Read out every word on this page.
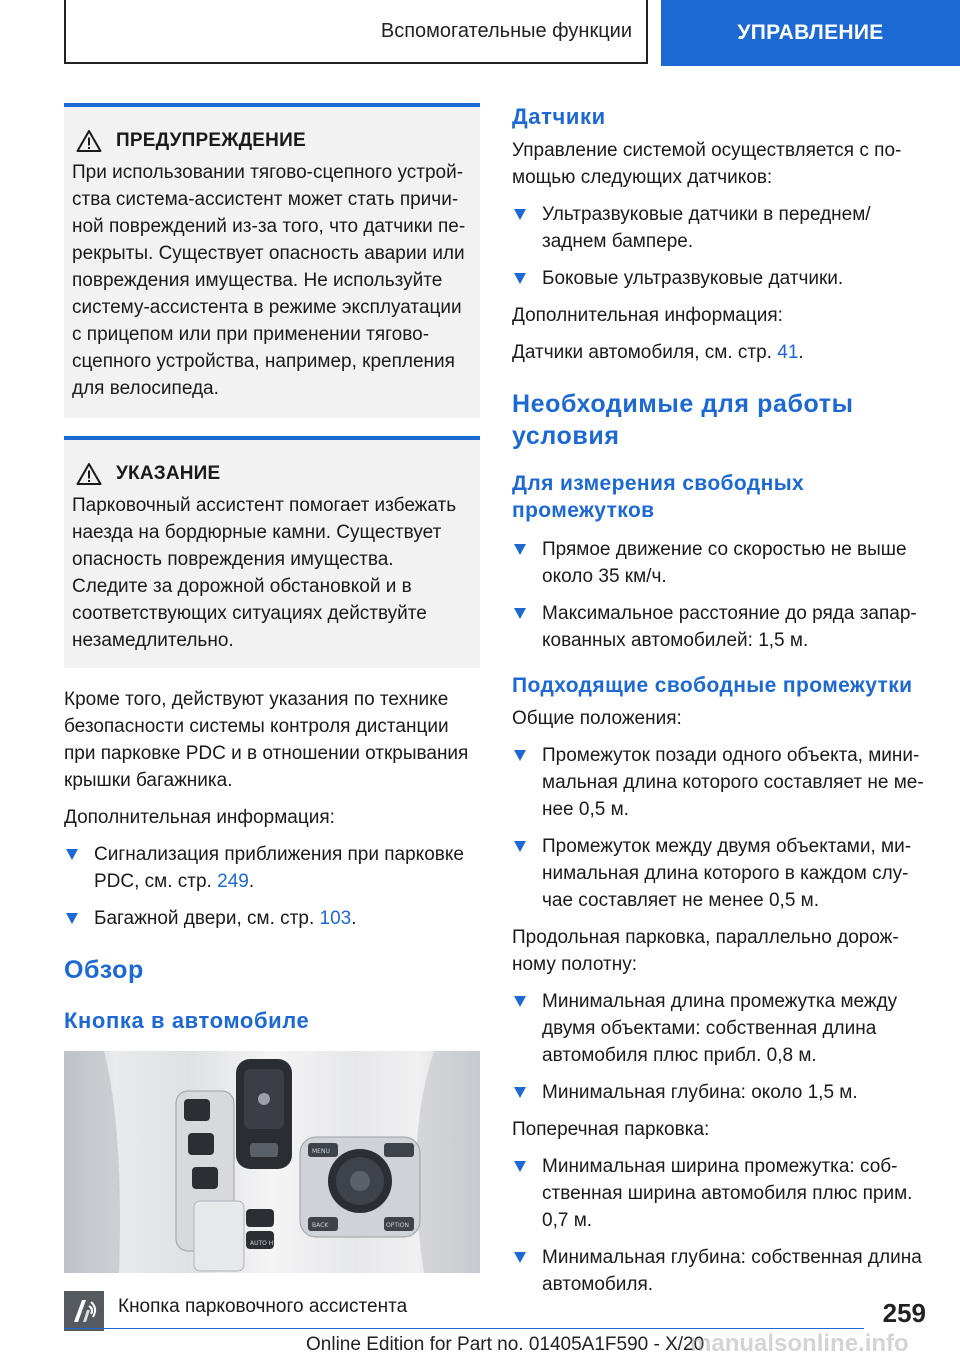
Вспомогательные функции	УПРАВЛЕНИЕ
ПРЕДУПРЕЖДЕНИЕ

При использовании тягово-сцепного устройства система-ассистент может стать причиной повреждений из-за того, что датчики перекрыты. Существует опасность аварии или повреждения имущества. Не используйте систему-ассистента в режиме эксплуатации с прицепом или при применении тягово-сцепного устройства, например, крепления для велосипеда.

УКАЗАНИЕ

Парковочный ассистент помогает избежать наезда на бордюрные камни. Существует опасность повреждения имущества. Следите за дорожной обстановкой и в соответствующих ситуациях действуйте незамедлительно.

Кроме того, действуют указания по технике безопасности системы контроля дистанции при парковке PDC и в отношении открывания крышки багажника.

Дополнительная информация:

Сигнализация приближения при парковке PDC, см. стр. 249.
Багажной двери, см. стр. 103.
Обзор
Кнопка в автомобиле
AUTO H
MENU
BACK	OPTION
Кнопка парковочного ассистента
Датчики

Управление системой осуществляется с помощью следующих датчиков:

Ультразвуковые датчики в переднем/ заднем бампере.
Боковые ультразвуковые датчики.

Дополнительная информация:

Датчики автомобиля, см. стр. 41.

Необходимые для работы условия
Для измерения свободных промежутков
Прямое движение со скоростью не выше около 35 км/ч.
Максимальное расстояние до ряда запаркованных автомобилей: 1,5 м.
Подходящие свободные промежутки

Общие положения:

Промежуток позади одного объекта, минимальная длина которого составляет не менее 0,5 м.
Промежуток между двумя объектами, минимальная длина которого в каждом случае составляет не менее 0,5 м.

Продольная парковка, параллельно дорожному полотну:

Минимальная длина промежутка между двумя объектами: собственная длина автомобиля плюс прибл. 0,8 м.
Минимальная глубина: около 1,5 м.

Поперечная парковка:

Минимальная ширина промежутка: собственная ширина автомобиля плюс прим. 0,7 м.
Минимальная глубина: собственная длина автомобиля.
259
Online Edition for Part no. 01405A1F590 - X/20
manualsonline.info
